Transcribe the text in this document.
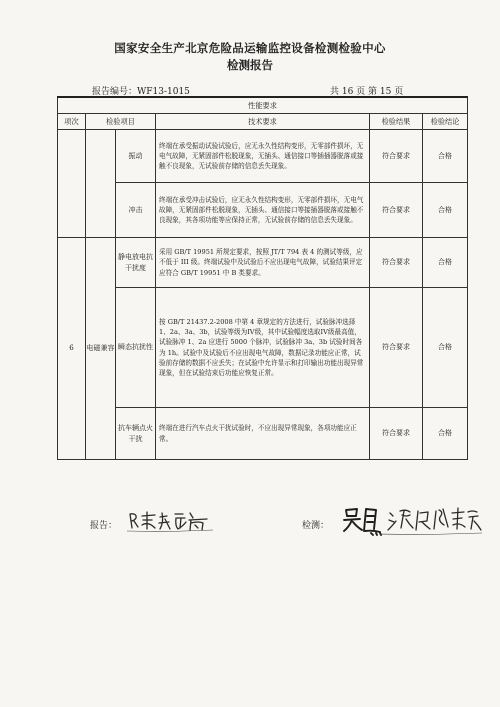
国家安全生产北京危险品运输监控设备检测检验中心
检测报告
报告编号：WF13-1015	共 16 页 第 15 页
性能要求					
项次	检验项目		技术要求	检验结果	检验结论
		振动	终端在承受振动试验试验后，应无永久性结构变形，无零部件损坏，无电气故障，无紧固部件松脱现象，无插头、通信接口等插插器脱落或接触不良现象，无试验前存储的信息丢失现象。	符合要求	合格
		冲击	终端在承受冲击试验后，应无永久性结构变形，无零部件损坏，无电气故障，无紧固部件松脱现象，无插头、通信接口等接插器脱落或接触不良现象，其各项功能等应保持正常，无试验前存储的信息丢失现象。	符合要求	合格
6	电磁兼容	静电放电抗干扰度	采用 GB/T 19951 所规定要求，按照 JT/T 794 表 4 的测试等级，应不低于 III 级。终端试验中及试验后不应出现电气故障，试验结果评定应符合 GB/T 19951 中 B 类要求。	符合要求	合格
		瞬态抗扰性	按 GB/T 21437.2-2008 中第 4 章规定的方法进行，试验脉冲选择 1、2a、3a、3b，试验等级为IV级，其中试验幅度选取IV级最高值，试验脉冲 1、2a 应进行 5000 个脉冲，试验脉冲 3a、3b 试验时间各为 1h。试验中及试验后不应出现电气故障，数据记录功能应正常，试验前存储的数据不应丢失；在试验中允许显示和打印输出功能出现异常现象，但在试验结束后功能应恢复正常。	符合要求	合格
		抗车辆点火干扰	终端在进行汽车点火干扰试验时，不应出现异常现象，各项功能应正常。	符合要求	合格
报告：	检测：
